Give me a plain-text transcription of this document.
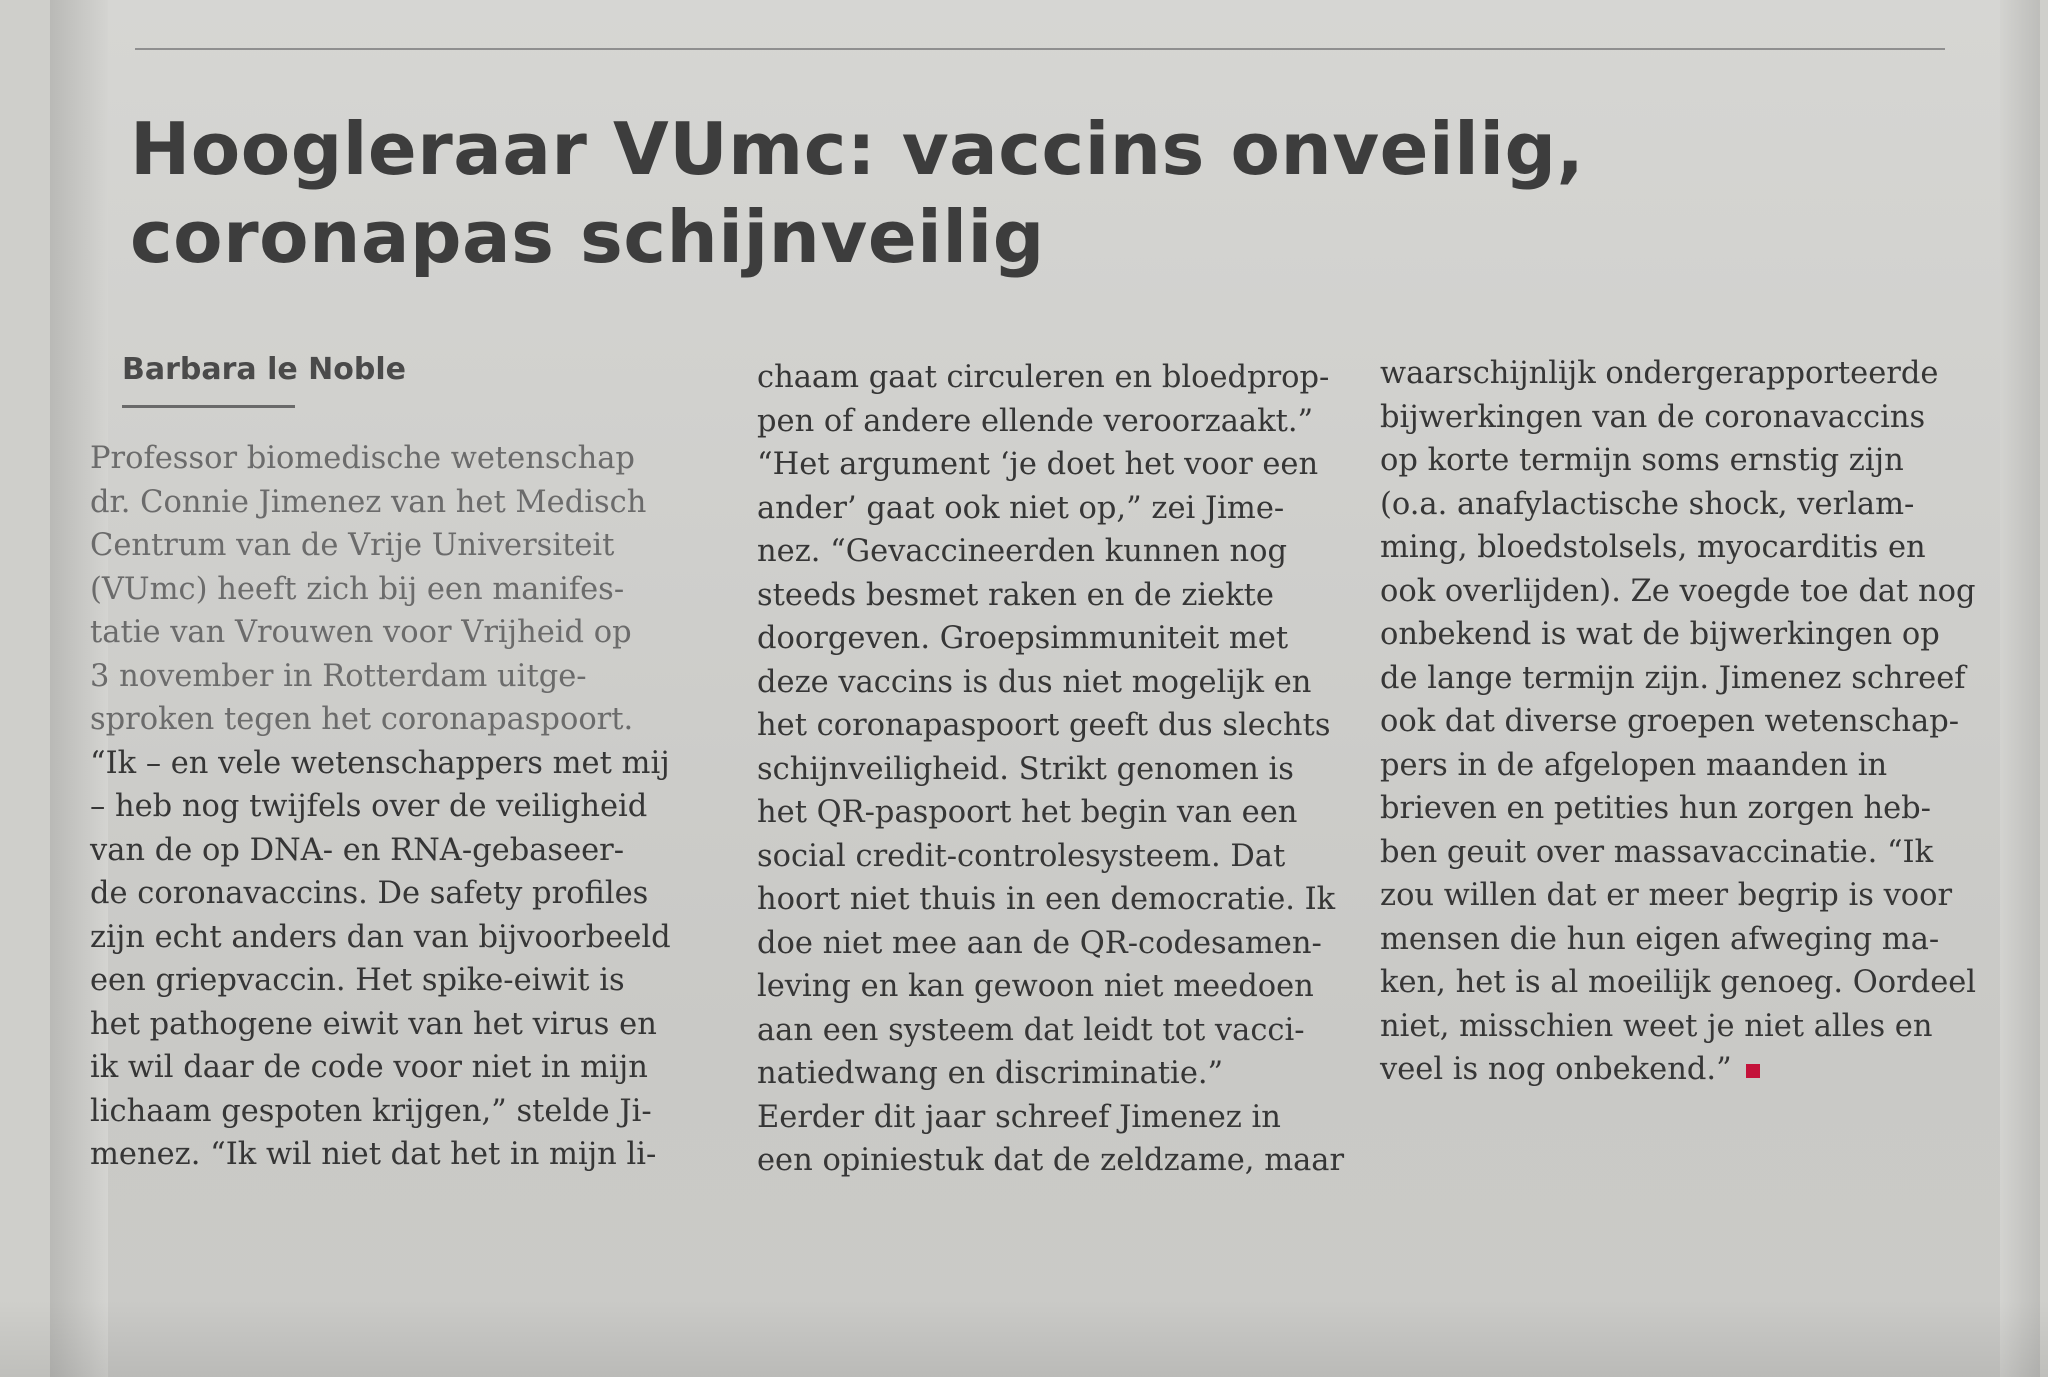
Hoogleraar VUmc: vaccins onveilig,
coronapas schijnveilig
Barbara le Noble
Professor biomedische wetenschap
dr. Connie Jimenez van het Medisch
Centrum van de Vrije Universiteit
(VUmc) heeft zich bij een manifes-
tatie van Vrouwen voor Vrijheid op
3 november in Rotterdam uitge-
sproken tegen het coronapaspoort.
“Ik – en vele wetenschappers met mij
– heb nog twijfels over de veiligheid
van de op DNA- en RNA-gebaseer-
de coronavaccins. De safety profiles
zijn echt anders dan van bijvoorbeeld
een griepvaccin. Het spike-eiwit is
het pathogene eiwit van het virus en
ik wil daar de code voor niet in mijn
lichaam gespoten krijgen,” stelde Ji-
menez. “Ik wil niet dat het in mijn li-
chaam gaat circuleren en bloedprop-
pen of andere ellende veroorzaakt.”
“Het argument ‘je doet het voor een
ander’ gaat ook niet op,” zei Jime-
nez. “Gevaccineerden kunnen nog
steeds besmet raken en de ziekte
doorgeven. Groepsimmuniteit met
deze vaccins is dus niet mogelijk en
het coronapaspoort geeft dus slechts
schijnveiligheid. Strikt genomen is
het QR-paspoort het begin van een
social credit-controlesysteem. Dat
hoort niet thuis in een democratie. Ik
doe niet mee aan de QR-codesamen-
leving en kan gewoon niet meedoen
aan een systeem dat leidt tot vacci-
natiedwang en discriminatie.”
Eerder dit jaar schreef Jimenez in
een opiniestuk dat de zeldzame, maar
waarschijnlijk ondergerapporteerde
bijwerkingen van de coronavaccins
op korte termijn soms ernstig zijn
(o.a. anafylactische shock, verlam-
ming, bloedstolsels, myocarditis en
ook overlijden). Ze voegde toe dat nog
onbekend is wat de bijwerkingen op
de lange termijn zijn. Jimenez schreef
ook dat diverse groepen wetenschap-
pers in de afgelopen maanden in
brieven en petities hun zorgen heb-
ben geuit over massavaccinatie. “Ik
zou willen dat er meer begrip is voor
mensen die hun eigen afweging ma-
ken, het is al moeilijk genoeg. Oordeel
niet, misschien weet je niet alles en
veel is nog onbekend.”
